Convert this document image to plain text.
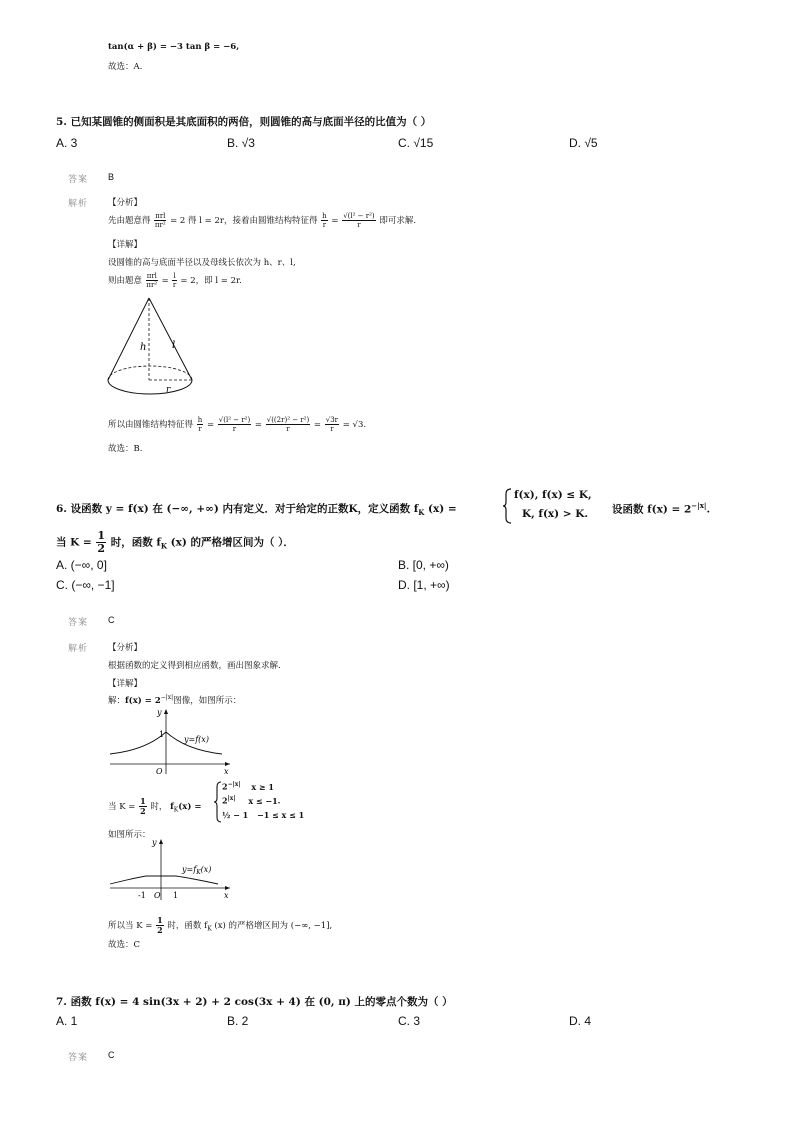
tan(α + β) = −3 tan β = −6,
故选：A.
5. 已知某圆锥的侧面积是其底面积的两倍，则圆锥的高与底面半径的比值为（ ）
A. 3	B. √3	C. √15	D. √5
答案 B
解析 【分析】
先由题意得 $\frac{\text{πrl}}{\text{πr²}} = 2$ 得 l = 2r，接着由圆锥结构特征得 $\frac{h}{r} = \frac{\text{√(l² − r²)}}{r}$ 即可求解.
【详解】
设圆锥的高与底面半径以及母线长依次为 h、r、l,
则由题意 $\frac{\text{πrl}}{\text{πr²}} = \frac{l}{r} = 2$，即 l = 2r.
h	l
r
所以由圆锥结构特征得 $\frac{h}{r} = \frac{\text{√(l² − r²)}}{r} = \frac{\text{√((2r)² − r²)}}{r} = \frac{√3r}{r} = √3$.
故选：B.
6. 设函数 y = f(x) 在 (−∞, +∞) 内有定义．对于给定的正数K，定义函数 $f_K$ (x) =
f(x), f(x) ≤ K,
K, f(x) > K. 设函数 $f(x) = 2^{-|x|}$.
当 $K = \frac{1}{2}$ 时，函数 $f_K$ (x) 的严格增区间为（ ）．
A. (−∞, 0]	B. [0, +∞)
C. (−∞, −1]	D. [1, +∞)
答案 C
解析 【分析】
根据函数的定义得到相应函数，画出图象求解.
【详解】
解：$f(x) = 2^{-|x|}$图像，如图所示：
y
x
O
1
y=f(x)
当 $K = \frac{1}{2}$ 时， $f_K(x)$ =
$2^{-|x|}$ x ≥ 1
$2^{|x|}$ x ≤ −1.
½ − 1 −1 ≤ x ≤ 1
如图所示：
y
x
O
-1	1
$y=f_K(x)$
所以当 $K = \frac{1}{2}$ 时，函数 $f_K$ (x) 的严格增区间为 (−∞, −1],
故选：C
7. 函数 f(x) = 4 sin(3x + 2) + 2 cos(3x + 4) 在 (0, π) 上的零点个数为（ ）
A. 1	B. 2	C. 3	D. 4
答案 C
